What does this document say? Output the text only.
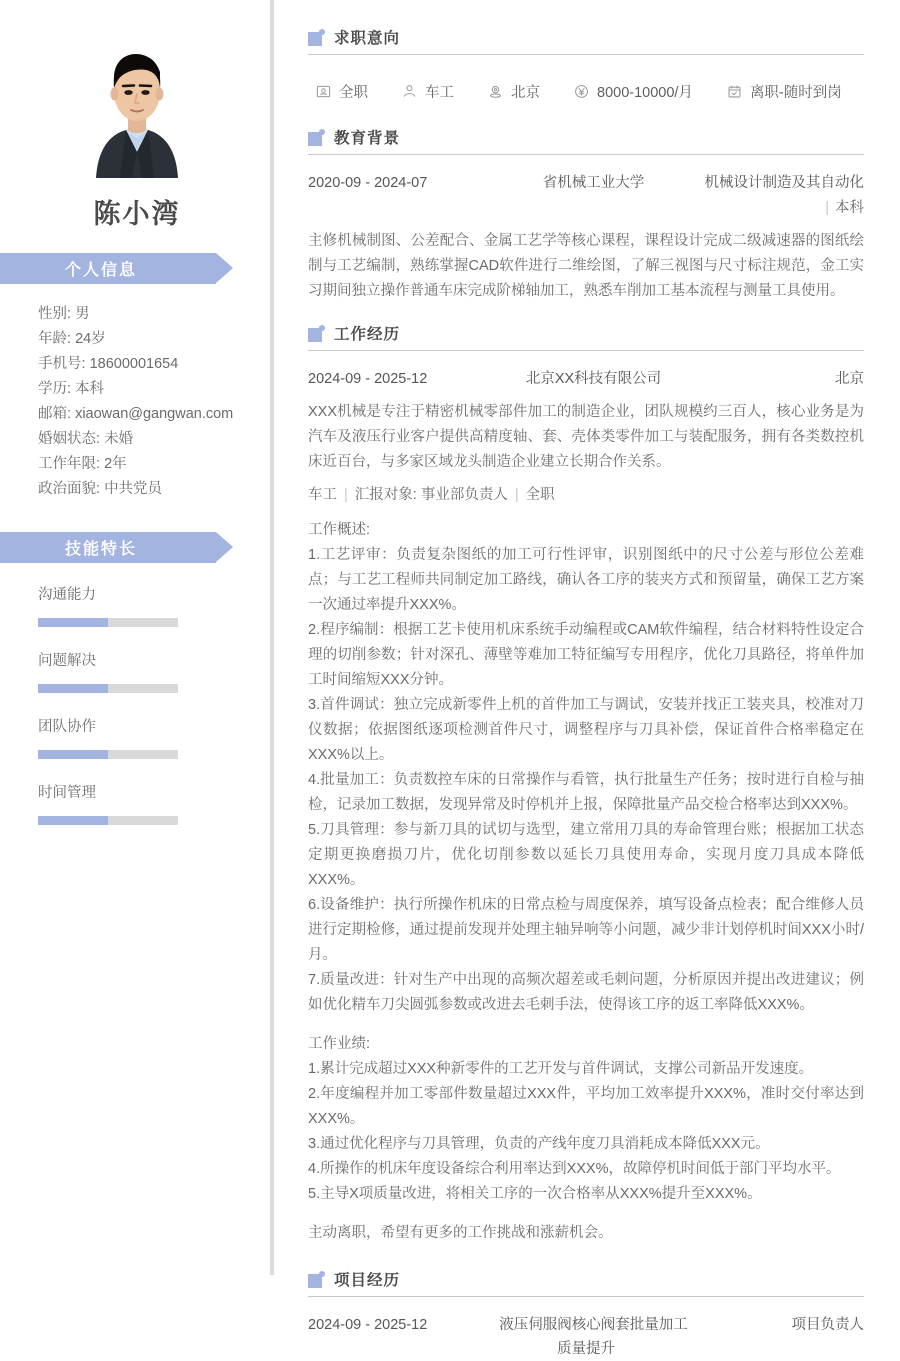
陈小湾
个人信息
性别: 男
年龄: 24岁
手机号: 18600001654
学历: 本科
邮箱: xiaowan@gangwan.com
婚姻状态: 未婚
工作年限: 2年
政治面貌: 中共党员
技能特长
沟通能力
问题解决
团队协作
时间管理
求职意向
全职	车工	北京	8000-10000/月	离职-随时到岗
教育背景
2020-09 - 2024-07	省机械工业大学	机械设计制造及其自动化
| 本科
主修机械制图、公差配合、金属工艺学等核心课程，课程设计完成二级减速器的图纸绘制与工艺编制，熟练掌握CAD软件进行二维绘图，了解三视图与尺寸标注规范，金工实习期间独立操作普通车床完成阶梯轴加工，熟悉车削加工基本流程与测量工具使用。
工作经历
2024-09 - 2025-12	北京XX科技有限公司	北京
XXX机械是专注于精密机械零部件加工的制造企业，团队规模约三百人，核心业务是为汽车及液压行业客户提供高精度轴、套、壳体类零件加工与装配服务，拥有各类数控机床近百台，与多家区域龙头制造企业建立长期合作关系。
车工 | 汇报对象: 事业部负责人 | 全职
工作概述:
1.工艺评审：负责复杂图纸的加工可行性评审，识别图纸中的尺寸公差与形位公差难点；与工艺工程师共同制定加工路线，确认各工序的装夹方式和预留量，确保工艺方案一次通过率提升XXX%。
2.程序编制：根据工艺卡使用机床系统手动编程或CAM软件编程，结合材料特性设定合理的切削参数；针对深孔、薄壁等难加工特征编写专用程序，优化刀具路径，将单件加工时间缩短XXX分钟。
3.首件调试：独立完成新零件上机的首件加工与调试，安装并找正工装夹具，校准对刀仪数据；依据图纸逐项检测首件尺寸，调整程序与刀具补偿，保证首件合格率稳定在XXX%以上。
4.批量加工：负责数控车床的日常操作与看管，执行批量生产任务；按时进行自检与抽检，记录加工数据，发现异常及时停机并上报，保障批量产品交检合格率达到XXX%。
5.刀具管理：参与新刀具的试切与选型，建立常用刀具的寿命管理台账；根据加工状态定期更换磨损刀片，优化切削参数以延长刀具使用寿命，实现月度刀具成本降低XXX%。
6.设备维护：执行所操作机床的日常点检与周度保养，填写设备点检表；配合维修人员进行定期检修，通过提前发现并处理主轴异响等小问题，减少非计划停机时间XXX小时/月。
7.质量改进：针对生产中出现的高频次超差或毛刺问题，分析原因并提出改进建议；例如优化精车刀尖圆弧参数或改进去毛刺手法，使得该工序的返工率降低XXX%。
工作业绩:
1.累计完成超过XXX种新零件的工艺开发与首件调试，支撑公司新品开发速度。
2.年度编程并加工零部件数量超过XXX件，平均加工效率提升XXX%，准时交付率达到XXX%。
3.通过优化程序与刀具管理，负责的产线年度刀具消耗成本降低XXX元。
4.所操作的机床年度设备综合利用率达到XXX%，故障停机时间低于部门平均水平。
5.主导X项质量改进，将相关工序的一次合格率从XXX%提升至XXX%。
主动离职，希望有更多的工作挑战和涨薪机会。
项目经历
2024-09 - 2025-12	液压伺服阀核心阀套批量加工	项目负责人
质量提升
